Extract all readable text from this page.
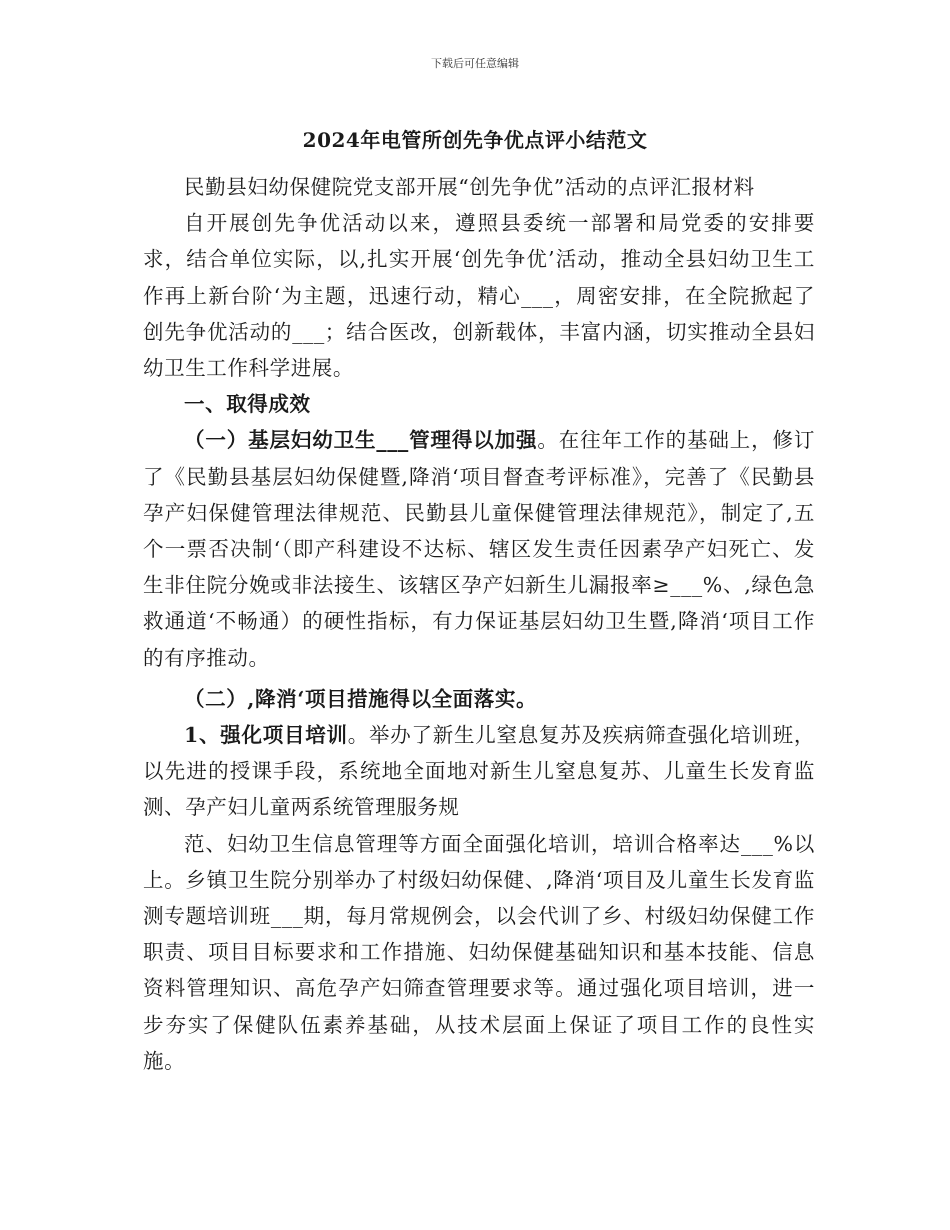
下载后可任意编辑
2024年电管所创先争优点评小结范文

民勤县妇幼保健院党支部开展“创先争优”活动的点评汇报材料

自开展创先争优活动以来，遵照县委统一部署和局党委的安排要求，结合单位实际，以,扎实开展‘创先争优’活动，推动全县妇幼卫生工作再上新台阶‘为主题，迅速行动，精心___，周密安排，在全院掀起了创先争优活动的___；结合医改，创新载体，丰富内涵，切实推动全县妇幼卫生工作科学进展。

一、取得成效

（一）基层妇幼卫生___管理得以加强。在往年工作的基础上，修订了《民勤县基层妇幼保健暨,降消‘项目督查考评标准》，完善了《民勤县孕产妇保健管理法律规范、民勤县儿童保健管理法律规范》，制定了,五个一票否决制‘（即产科建设不达标、辖区发生责任因素孕产妇死亡、发生非住院分娩或非法接生、该辖区孕产妇新生儿漏报率≥___%、,绿色急救通道‘不畅通）的硬性指标，有力保证基层妇幼卫生暨,降消‘项目工作的有序推动。

（二）,降消‘项目措施得以全面落实。

1、强化项目培训。举办了新生儿窒息复苏及疾病筛查强化培训班，以先进的授课手段，系统地全面地对新生儿窒息复苏、儿童生长发育监测、孕产妇儿童两系统管理服务规

范、妇幼卫生信息管理等方面全面强化培训，培训合格率达___%以上。乡镇卫生院分别举办了村级妇幼保健、,降消‘项目及儿童生长发育监测专题培训班___期，每月常规例会，以会代训了乡、村级妇幼保健工作职责、项目目标要求和工作措施、妇幼保健基础知识和基本技能、信息资料管理知识、高危孕产妇筛查管理要求等。通过强化项目培训，进一步夯实了保健队伍素养基础，从技术层面上保证了项目工作的良性实施。
